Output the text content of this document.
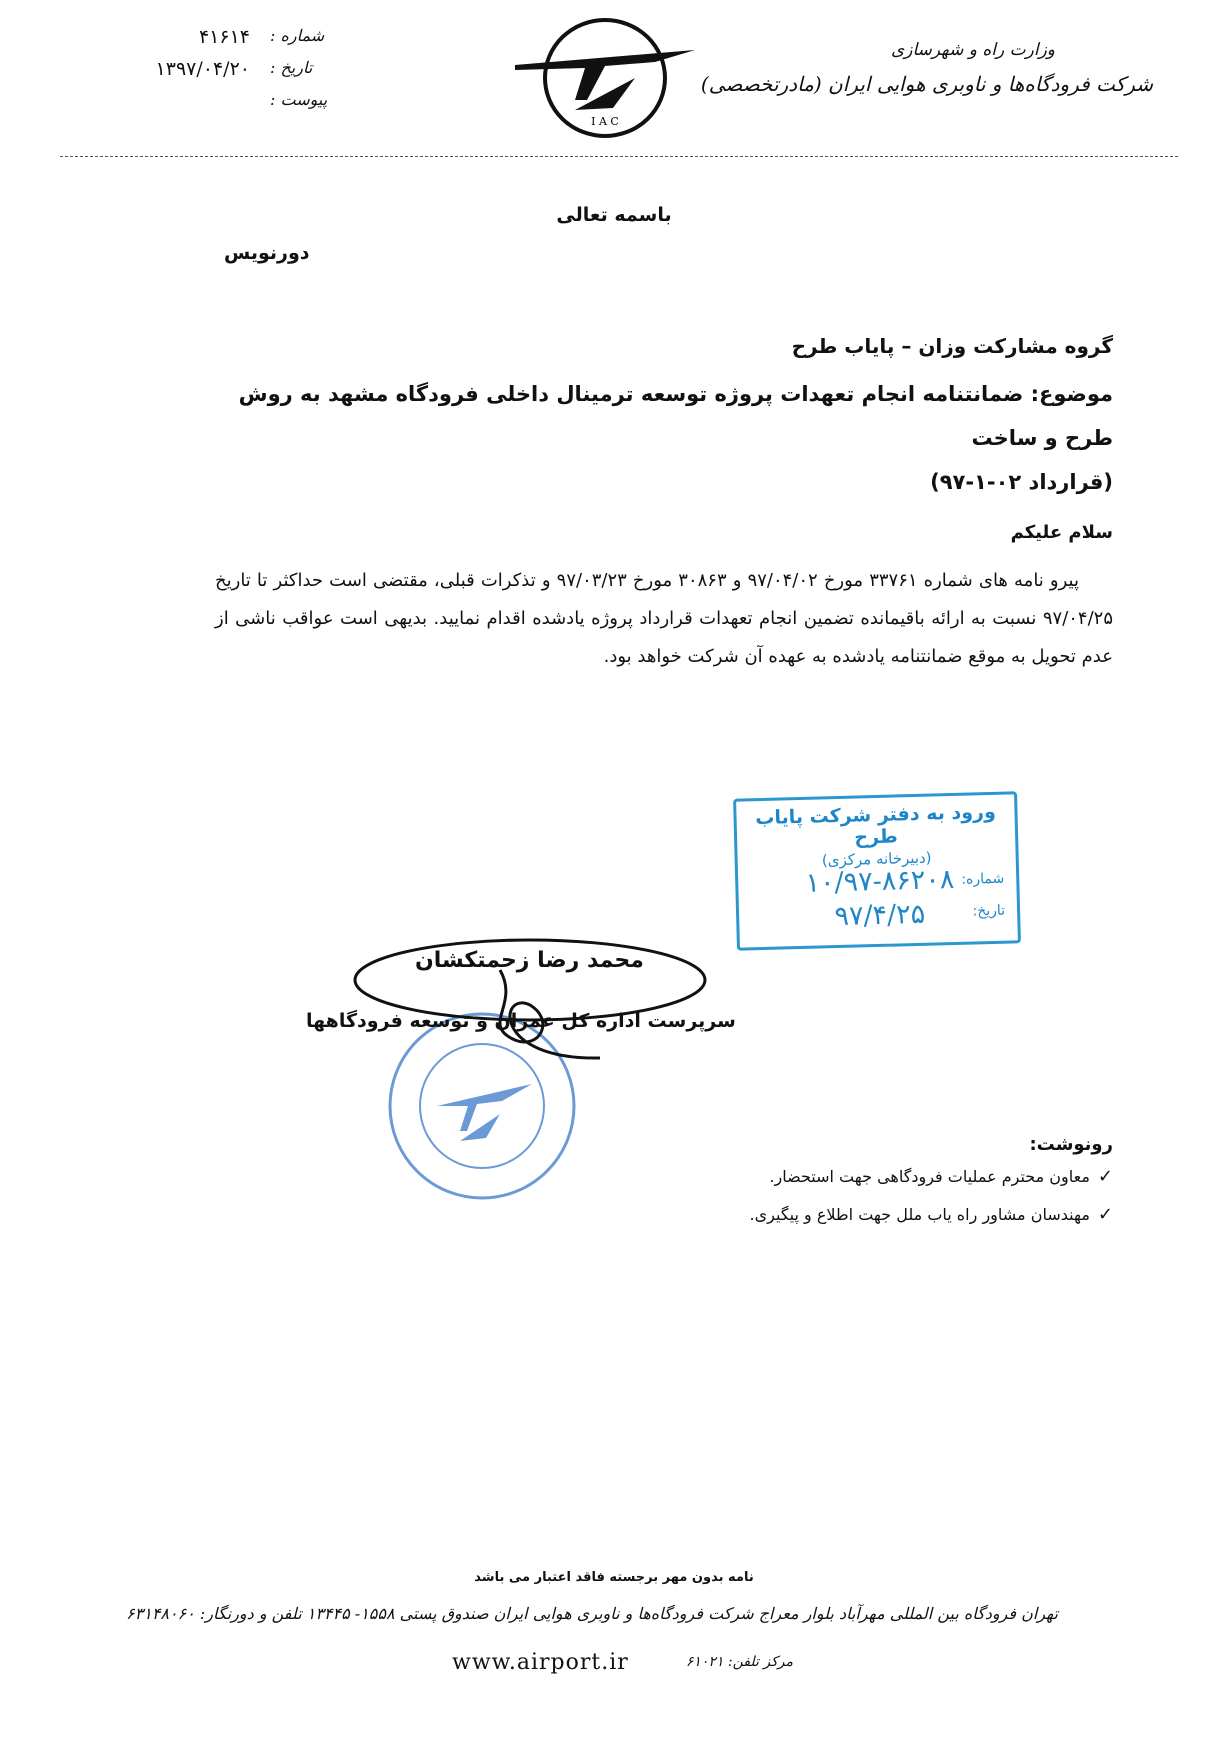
وزارت راه و شهرسازی
شرکت فرودگاه‌ها و ناوبری هوایی ایران (مادرتخصصی)
I A C
۴۱۶۱۴ شماره :
۱۳۹۷/۰۴/۲۰ تاریخ :
پیوست :
باسمه تعالی
دورنویس
گروه مشارکت وزان – پایاب طرح
موضوع: ضمانتنامه انجام تعهدات پروژه توسعه ترمینال داخلی فرودگاه مشهد به روش طرح و ساخت
(قرارداد ۰۲-۱-۹۷)
سلام علیکم
پیرو نامه های شماره ۳۳۷۶۱ مورخ ۹۷/۰۴/۰۲ و ۳۰۸۶۳ مورخ ۹۷/۰۳/۲۳ و تذکرات قبلی، مقتضی است حداکثر تا تاریخ ۹۷/۰۴/۲۵ نسبت به ارائه باقیمانده تضمین انجام تعهدات قرارداد پروژه یادشده اقدام نمایید. بدیهی است عواقب ناشی از عدم تحویل به موقع ضمانتنامه یادشده به عهده آن شرکت خواهد بود.
ورود به دفتر شرکت پایاب طرح
(دبیرخانه مرکزی)
شماره:
تاریخ:
۱۰/۹۷-۸۶۲۰۸
۹۷/۴/۲۵
محمد رضا زحمتکشان
سرپرست اداره کل عمران و توسعه فرودگاهها
رونوشت:
✓
معاون محترم عملیات فرودگاهی جهت استحضار.
✓
مهندسان مشاور راه یاب ملل جهت اطلاع و پیگیری.
نامه بدون مهر برجسته فاقد اعتبار می باشد
تهران فرودگاه بین المللی مهرآباد بلوار معراج شرکت فرودگاه‌ها و ناوبری هوایی ایران صندوق پستی ۱۵۵۸- ۱۳۴۴۵ تلفن و دورنگار: ۶۳۱۴۸۰۶۰
مرکز تلفن: ۶۱۰۲۱
www.airport.ir
